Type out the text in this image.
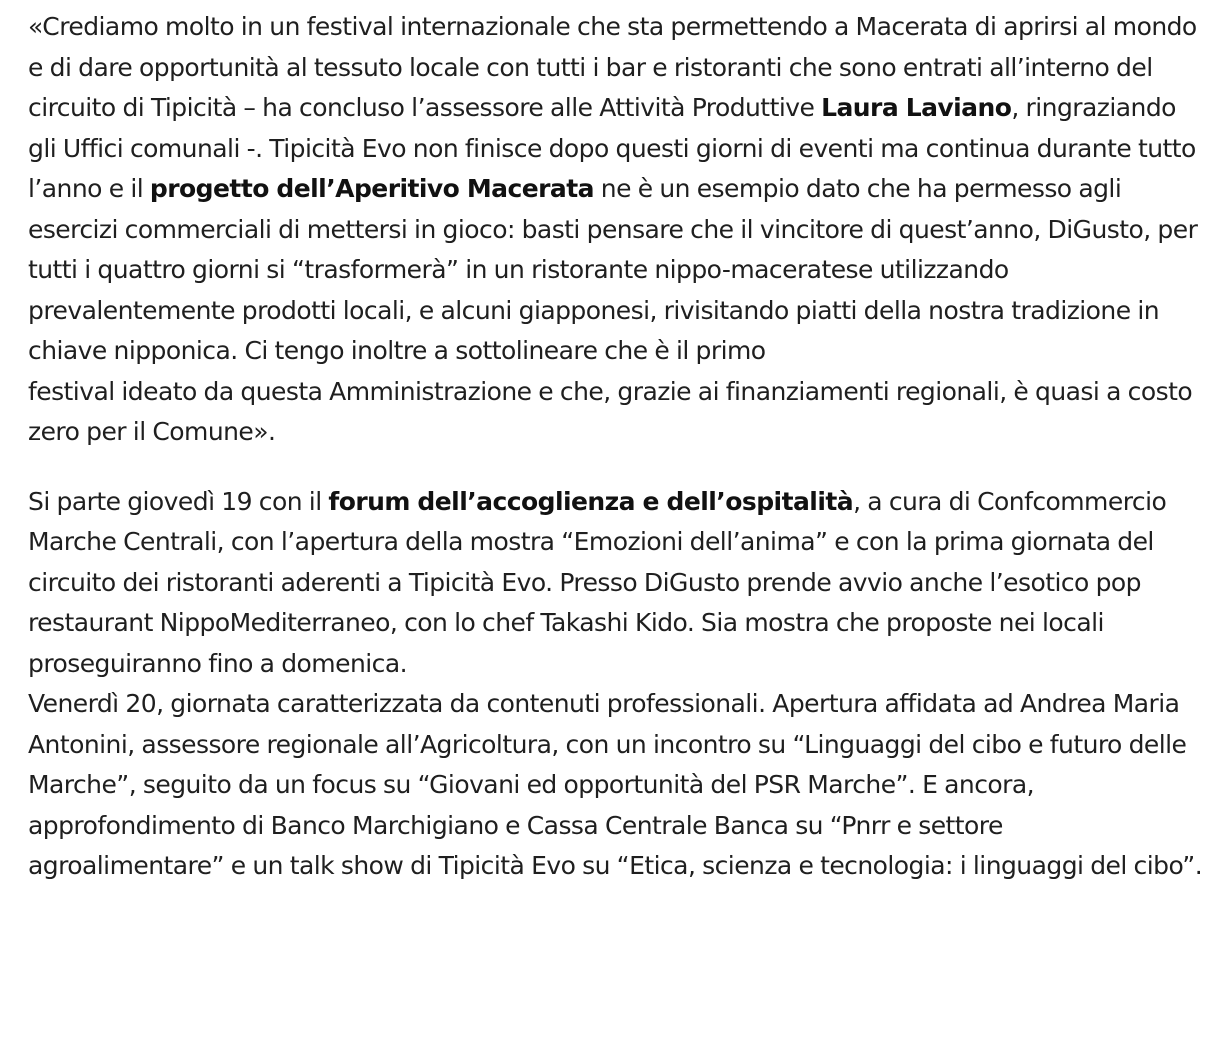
«Crediamo molto in un festival internazionale che sta permettendo a Macerata di aprirsi al mondo e di dare opportunità al tessuto locale con tutti i bar e ristoranti che sono entrati all’interno del circuito di Tipicità – ha concluso l’assessore alle Attività Produttive Laura Laviano, ringraziando gli Uffici comunali -. Tipicità Evo non finisce dopo questi giorni di eventi ma continua durante tutto l’anno e il progetto dell’Aperitivo Macerata ne è un esempio dato che ha permesso agli esercizi commerciali di mettersi in gioco: basti pensare che il vincitore di quest’anno, DiGusto, per tutti i quattro giorni si “trasformerà” in un ristorante nippo-maceratese utilizzando prevalentemente prodotti locali, e alcuni giapponesi, rivisitando piatti della nostra tradizione in chiave nipponica. Ci tengo inoltre a sottolineare che è il primo
festival ideato da questa Amministrazione e che, grazie ai finanziamenti regionali, è quasi a costo zero per il Comune».

Si parte giovedì 19 con il forum dell’accoglienza e dell’ospitalità, a cura di Confcommercio Marche Centrali, con l’apertura della mostra “Emozioni dell’anima” e con la prima giornata del circuito dei ristoranti aderenti a Tipicità Evo. Presso DiGusto prende avvio anche l’esotico pop restaurant NippoMediterraneo, con lo chef Takashi Kido. Sia mostra che proposte nei locali proseguiranno fino a domenica.
Venerdì 20, giornata caratterizzata da contenuti professionali. Apertura affidata ad Andrea Maria Antonini, assessore regionale all’Agricoltura, con un incontro su “Linguaggi del cibo e futuro delle Marche”, seguito da un focus su “Giovani ed opportunità del PSR Marche”. E ancora, approfondimento di Banco Marchigiano e Cassa Centrale Banca su “Pnrr e settore agroalimentare” e un talk show di Tipicità Evo su “Etica, scienza e tecnologia: i linguaggi del cibo”.
